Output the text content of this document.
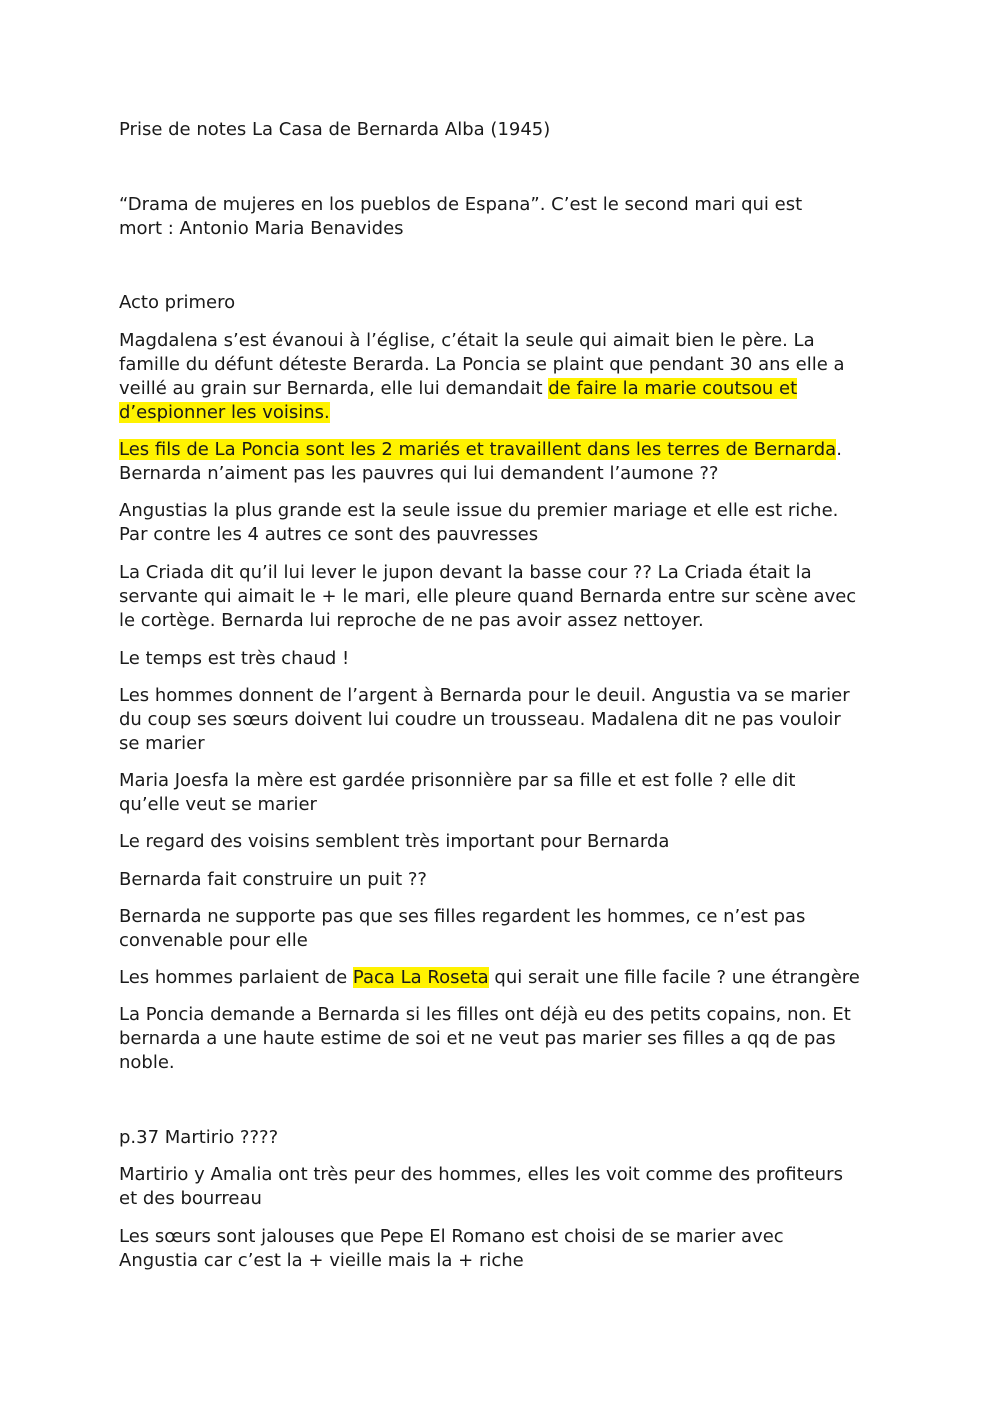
Prise de notes La Casa de Bernarda Alba (1945)
“Drama de mujeres en los pueblos de Espana”. C’est le second mari qui est
mort : Antonio Maria Benavides
Acto primero
Magdalena s’est évanoui à l’église, c’était la seule qui aimait bien le père. La
famille du défunt déteste Berarda. La Poncia se plaint que pendant 30 ans elle a
veillé au grain sur Bernarda, elle lui demandait de faire la marie coutsou et
d’espionner les voisins.
Les fils de La Poncia sont les 2 mariés et travaillent dans les terres de Bernarda.
Bernarda n’aiment pas les pauvres qui lui demandent l’aumone ??
Angustias la plus grande est la seule issue du premier mariage et elle est riche.
Par contre les 4 autres ce sont des pauvresses
La Criada dit qu’il lui lever le jupon devant la basse cour ?? La Criada était la
servante qui aimait le + le mari, elle pleure quand Bernarda entre sur scène avec
le cortège. Bernarda lui reproche de ne pas avoir assez nettoyer.
Le temps est très chaud !
Les hommes donnent de l’argent à Bernarda pour le deuil. Angustia va se marier
du coup ses sœurs doivent lui coudre un trousseau. Madalena dit ne pas vouloir
se marier
Maria Joesfa la mère est gardée prisonnière par sa fille et est folle ? elle dit
qu’elle veut se marier
Le regard des voisins semblent très important pour Bernarda
Bernarda fait construire un puit ??
Bernarda ne supporte pas que ses filles regardent les hommes, ce n’est pas
convenable pour elle
Les hommes parlaient de Paca La Roseta qui serait une fille facile ? une étrangère
La Poncia demande a Bernarda si les filles ont déjà eu des petits copains, non. Et
bernarda a une haute estime de soi et ne veut pas marier ses filles a qq de pas
noble.
p.37 Martirio ????
Martirio y Amalia ont très peur des hommes, elles les voit comme des profiteurs
et des bourreau
Les sœurs sont jalouses que Pepe El Romano est choisi de se marier avec
Angustia car c’est la + vieille mais la + riche
